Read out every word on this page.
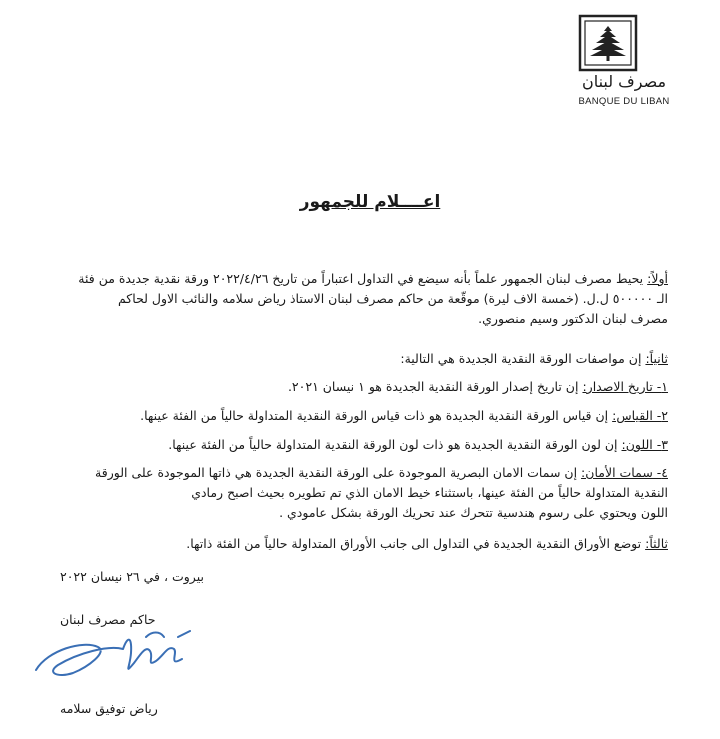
مصرف لبنان
BANQUE DU LIBAN
اعــــلام للجمهور
أولاً: يحيط مصرف لبنان الجمهور علماً بأنه سيضع في التداول اعتباراً من تاريخ ٢٠٢٢/٤/٢٦ ورقة نقدية جديدة من فئة
الـ ٥٠٠٠٠٠ ل.ل. (خمسة الاف ليرة) موقّعة من حاكم مصرف لبنان الاستاذ رياض سلامه والنائب الاول لحاكم
مصرف لبنان الدكتور وسيم منصوري.
ثانياً: إن مواصفات الورقة النقدية الجديدة هي التالية:
١- تاريخ الاصدار: إن تاريخ إصدار الورقة النقدية الجديدة هو ١ نيسان ٢٠٢١.
٢- القياس: إن قياس الورقة النقدية الجديدة هو ذات قياس الورقة النقدية المتداولة حالياً من الفئة عينها.
٣- اللون: إن لون الورقة النقدية الجديدة هو ذات لون الورقة النقدية المتداولة حالياً من الفئة عينها.
٤- سمات الأمان: إن سمات الامان البصرية الموجودة على الورقة النقدية الجديدة هي ذاتها الموجودة على الورقة
النقدية المتداولة حالياً من الفئة عينها، باستثناء خيط الامان الذي تم تطويره بحيث اصبح رمادي
اللون ويحتوي على رسوم هندسية تتحرك عند تحريك الورقة بشكل عامودي .
ثالثاً: توضع الأوراق النقدية الجديدة في التداول الى جانب الأوراق المتداولة حالياً من الفئة ذاتها.
بيروت ، في ٢٦ نيسان ٢٠٢٢
حاكم مصرف لبنان
رياض توفيق سلامه
